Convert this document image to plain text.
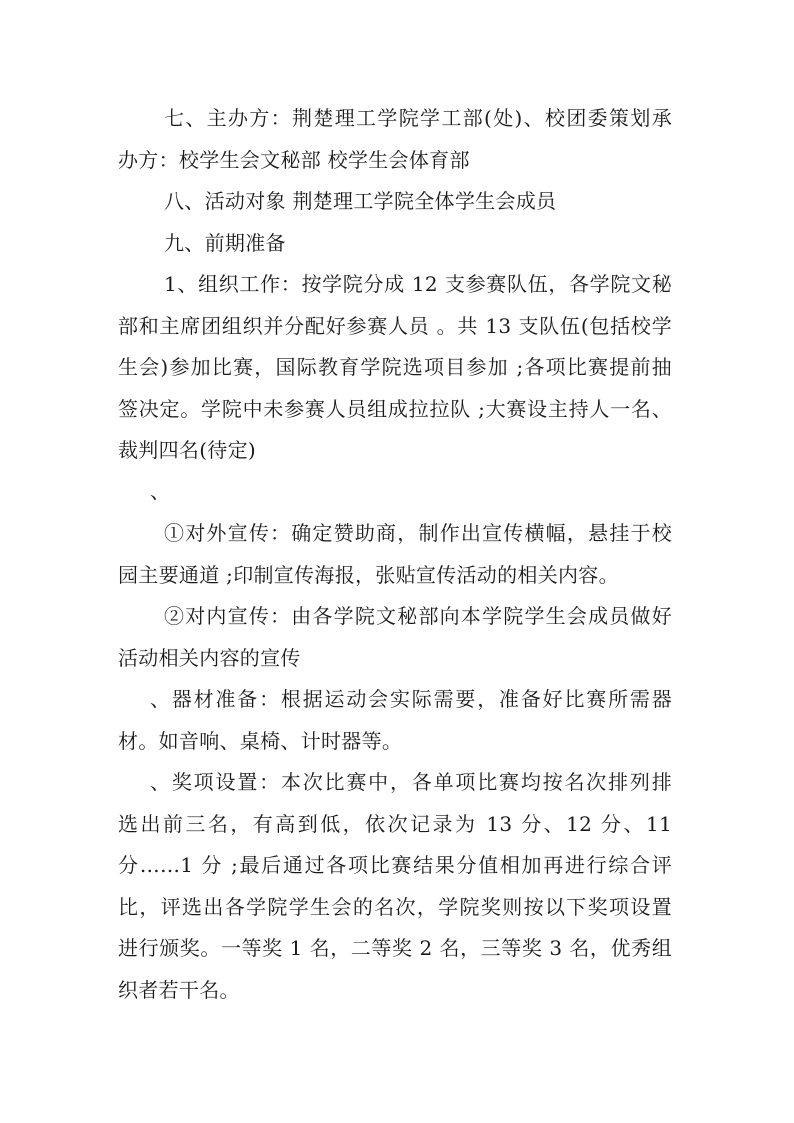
七、主办方：荆楚理工学院学工部(处)、校团委策划承
办方：校学生会文秘部 校学生会体育部
八、活动对象 荆楚理工学院全体学生会成员
九、前期准备
1、组织工作：按学院分成 12 支参赛队伍，各学院文秘
部和主席团组织并分配好参赛人员 。共 13 支队伍(包括校学
生会)参加比赛，国际教育学院选项目参加 ;各项比赛提前抽
签决定。学院中未参赛人员组成拉拉队 ;大赛设主持人一名、
裁判四名(待定)
、
①对外宣传：确定赞助商，制作出宣传横幅，悬挂于校
园主要通道 ;印制宣传海报，张贴宣传活动的相关内容。
②对内宣传：由各学院文秘部向本学院学生会成员做好
活动相关内容的宣传
、器材准备：根据运动会实际需要，准备好比赛所需器
材。如音响、桌椅、计时器等。
、奖项设置：本次比赛中，各单项比赛均按名次排列排
选出前三名，有高到低，依次记录为 13 分、12 分、11
分……1 分 ;最后通过各项比赛结果分值相加再进行综合评
比，评选出各学院学生会的名次，学院奖则按以下奖项设置
进行颁奖。一等奖 1 名，二等奖 2 名，三等奖 3 名，优秀组
织者若干名。
